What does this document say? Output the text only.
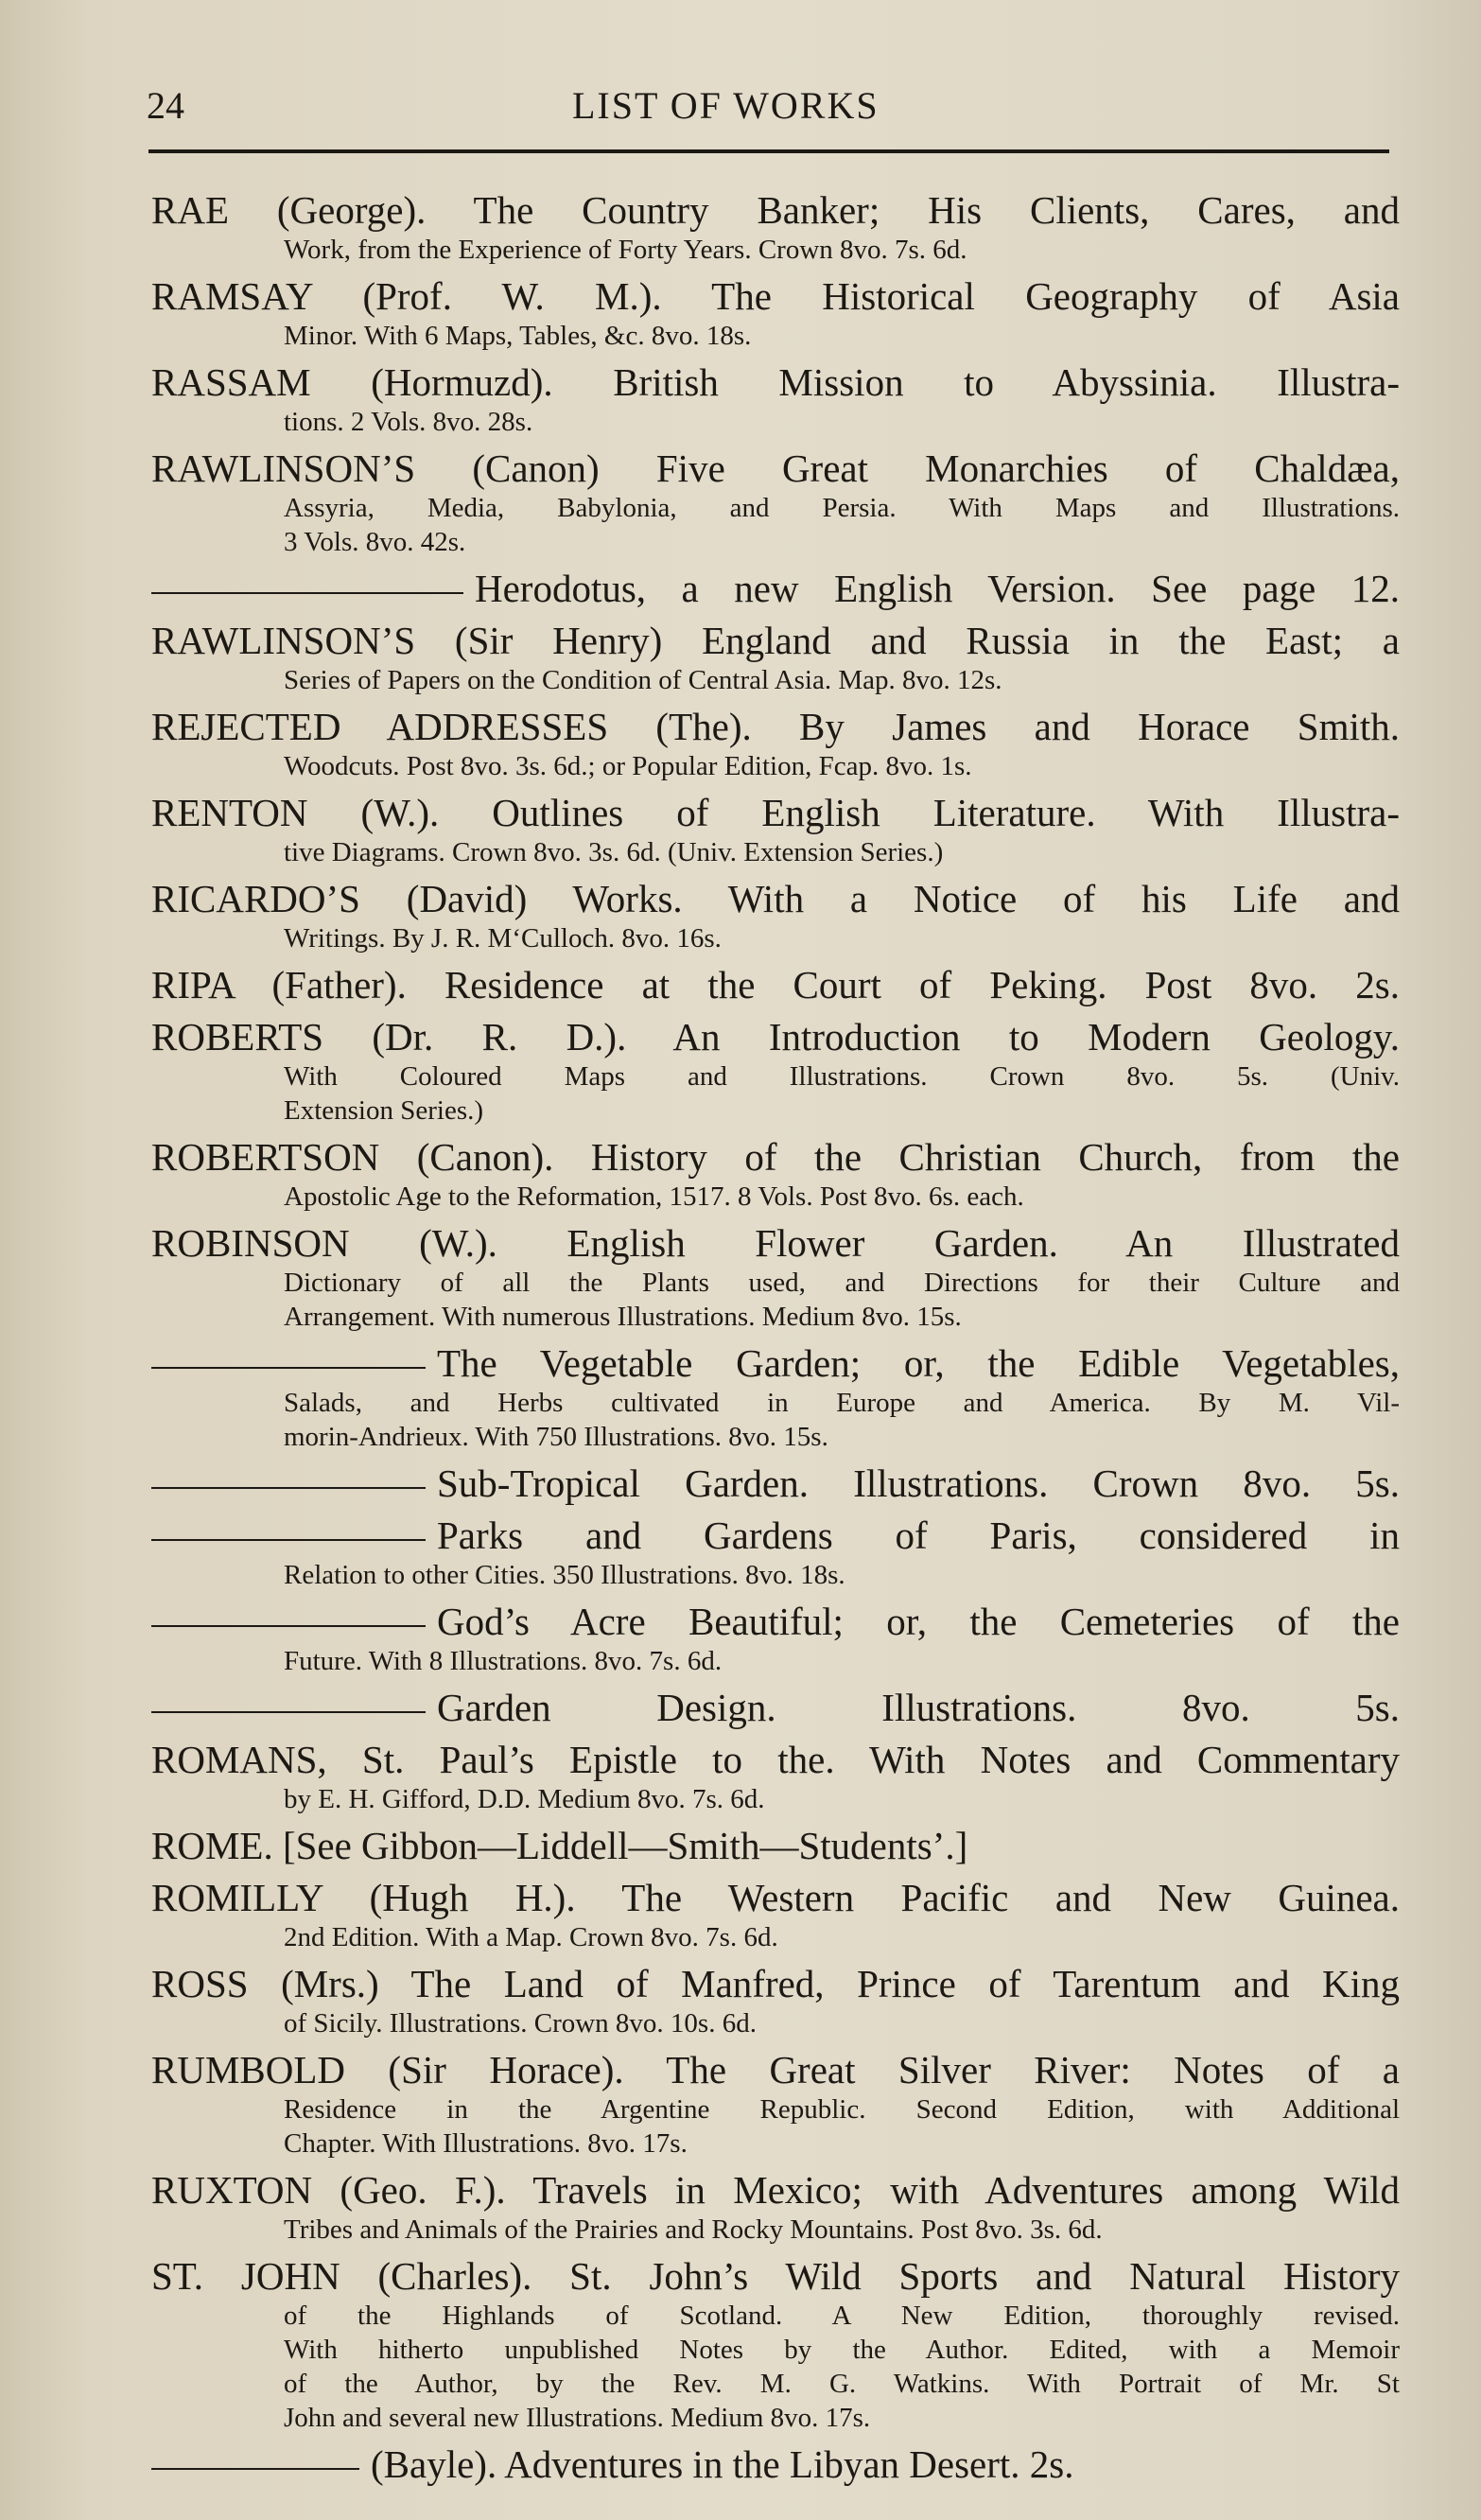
24	LIST OF WORKS
RAE (George). The Country Banker; His Clients, Cares, and
Work, from the Experience of Forty Years. Crown 8vo. 7s. 6d.
RAMSAY (Prof. W. M.). The Historical Geography of Asia
Minor. With 6 Maps, Tables, &c. 8vo. 18s.
RASSAM (Hormuzd). British Mission to Abyssinia. Illustra-
tions. 2 Vols. 8vo. 28s.
RAWLINSON’S (Canon) Five Great Monarchies of Chaldæa,
Assyria, Media, Babylonia, and Persia. With Maps and Illustrations.
3 Vols. 8vo. 42s.
Herodotus, a new English Version. See page 12.
RAWLINSON’S (Sir Henry) England and Russia in the East; a
Series of Papers on the Condition of Central Asia. Map. 8vo. 12s.
REJECTED ADDRESSES (The). By James and Horace Smith.
Woodcuts. Post 8vo. 3s. 6d.; or Popular Edition, Fcap. 8vo. 1s.
RENTON (W.). Outlines of English Literature. With Illustra-
tive Diagrams. Crown 8vo. 3s. 6d. (Univ. Extension Series.)
RICARDO’S (David) Works. With a Notice of his Life and
Writings. By J. R. M‘Culloch. 8vo. 16s.
RIPA (Father). Residence at the Court of Peking. Post 8vo. 2s.
ROBERTS (Dr. R. D.). An Introduction to Modern Geology.
With Coloured Maps and Illustrations. Crown 8vo. 5s. (Univ.
Extension Series.)
ROBERTSON (Canon). History of the Christian Church, from the
Apostolic Age to the Reformation, 1517. 8 Vols. Post 8vo. 6s. each.
ROBINSON (W.). English Flower Garden. An Illustrated
Dictionary of all the Plants used, and Directions for their Culture and
Arrangement. With numerous Illustrations. Medium 8vo. 15s.
The Vegetable Garden; or, the Edible Vegetables,
Salads, and Herbs cultivated in Europe and America. By M. Vil-
morin-Andrieux. With 750 Illustrations. 8vo. 15s.
Sub-Tropical Garden. Illustrations. Crown 8vo. 5s.
Parks and Gardens of Paris, considered in
Relation to other Cities. 350 Illustrations. 8vo. 18s.
God’s Acre Beautiful; or, the Cemeteries of the
Future. With 8 Illustrations. 8vo. 7s. 6d.
Garden Design. Illustrations. 8vo. 5s.
ROMANS, St. Paul’s Epistle to the. With Notes and Commentary
by E. H. Gifford, D.D. Medium 8vo. 7s. 6d.
ROME. [See Gibbon—Liddell—Smith—Students’.]
ROMILLY (Hugh H.). The Western Pacific and New Guinea.
2nd Edition. With a Map. Crown 8vo. 7s. 6d.
ROSS (Mrs.) The Land of Manfred, Prince of Tarentum and King
of Sicily. Illustrations. Crown 8vo. 10s. 6d.
RUMBOLD (Sir Horace). The Great Silver River: Notes of a
Residence in the Argentine Republic. Second Edition, with Additional
Chapter. With Illustrations. 8vo. 17s.
RUXTON (Geo. F.). Travels in Mexico; with Adventures among Wild
Tribes and Animals of the Prairies and Rocky Mountains. Post 8vo. 3s. 6d.
ST. JOHN (Charles). St. John’s Wild Sports and Natural History
of the Highlands of Scotland. A New Edition, thoroughly revised.
With hitherto unpublished Notes by the Author. Edited, with a Memoir
of the Author, by the Rev. M. G. Watkins. With Portrait of Mr. St
John and several new Illustrations. Medium 8vo. 17s.
(Bayle). Adventures in the Libyan Desert. 2s.
